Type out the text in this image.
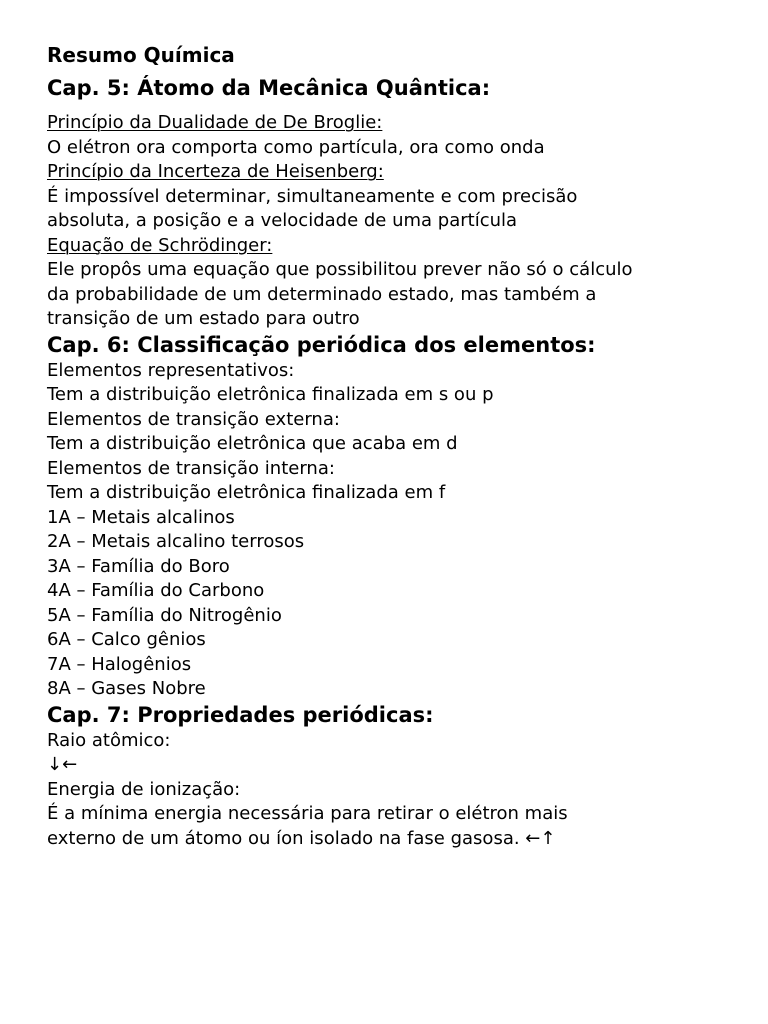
Resumo Química
Cap. 5: Átomo da Mecânica Quântica:
Princípio da Dualidade de De Broglie:
O elétron ora comporta como partícula, ora como onda
Princípio da Incerteza de Heisenberg:
É impossível determinar, simultaneamente e com precisão
absoluta, a posição e a velocidade de uma partícula
Equação de Schrödinger:
Ele propôs uma equação que possibilitou prever não só o cálculo
da probabilidade de um determinado estado, mas também a
transição de um estado para outro
Cap. 6: Classificação periódica dos elementos:
Elementos representativos:
Tem a distribuição eletrônica finalizada em s ou p
Elementos de transição externa:
Tem a distribuição eletrônica que acaba em d
Elementos de transição interna:
Tem a distribuição eletrônica finalizada em f
1A – Metais alcalinos
2A – Metais alcalino terrosos
3A – Família do Boro
4A – Família do Carbono
5A – Família do Nitrogênio
6A – Calco gênios
7A – Halogênios
8A – Gases Nobre
Cap. 7: Propriedades periódicas:
Raio atômico:
↓←
Energia de ionização:
É a mínima energia necessária para retirar o elétron mais
externo de um átomo ou íon isolado na fase gasosa. ←↑
